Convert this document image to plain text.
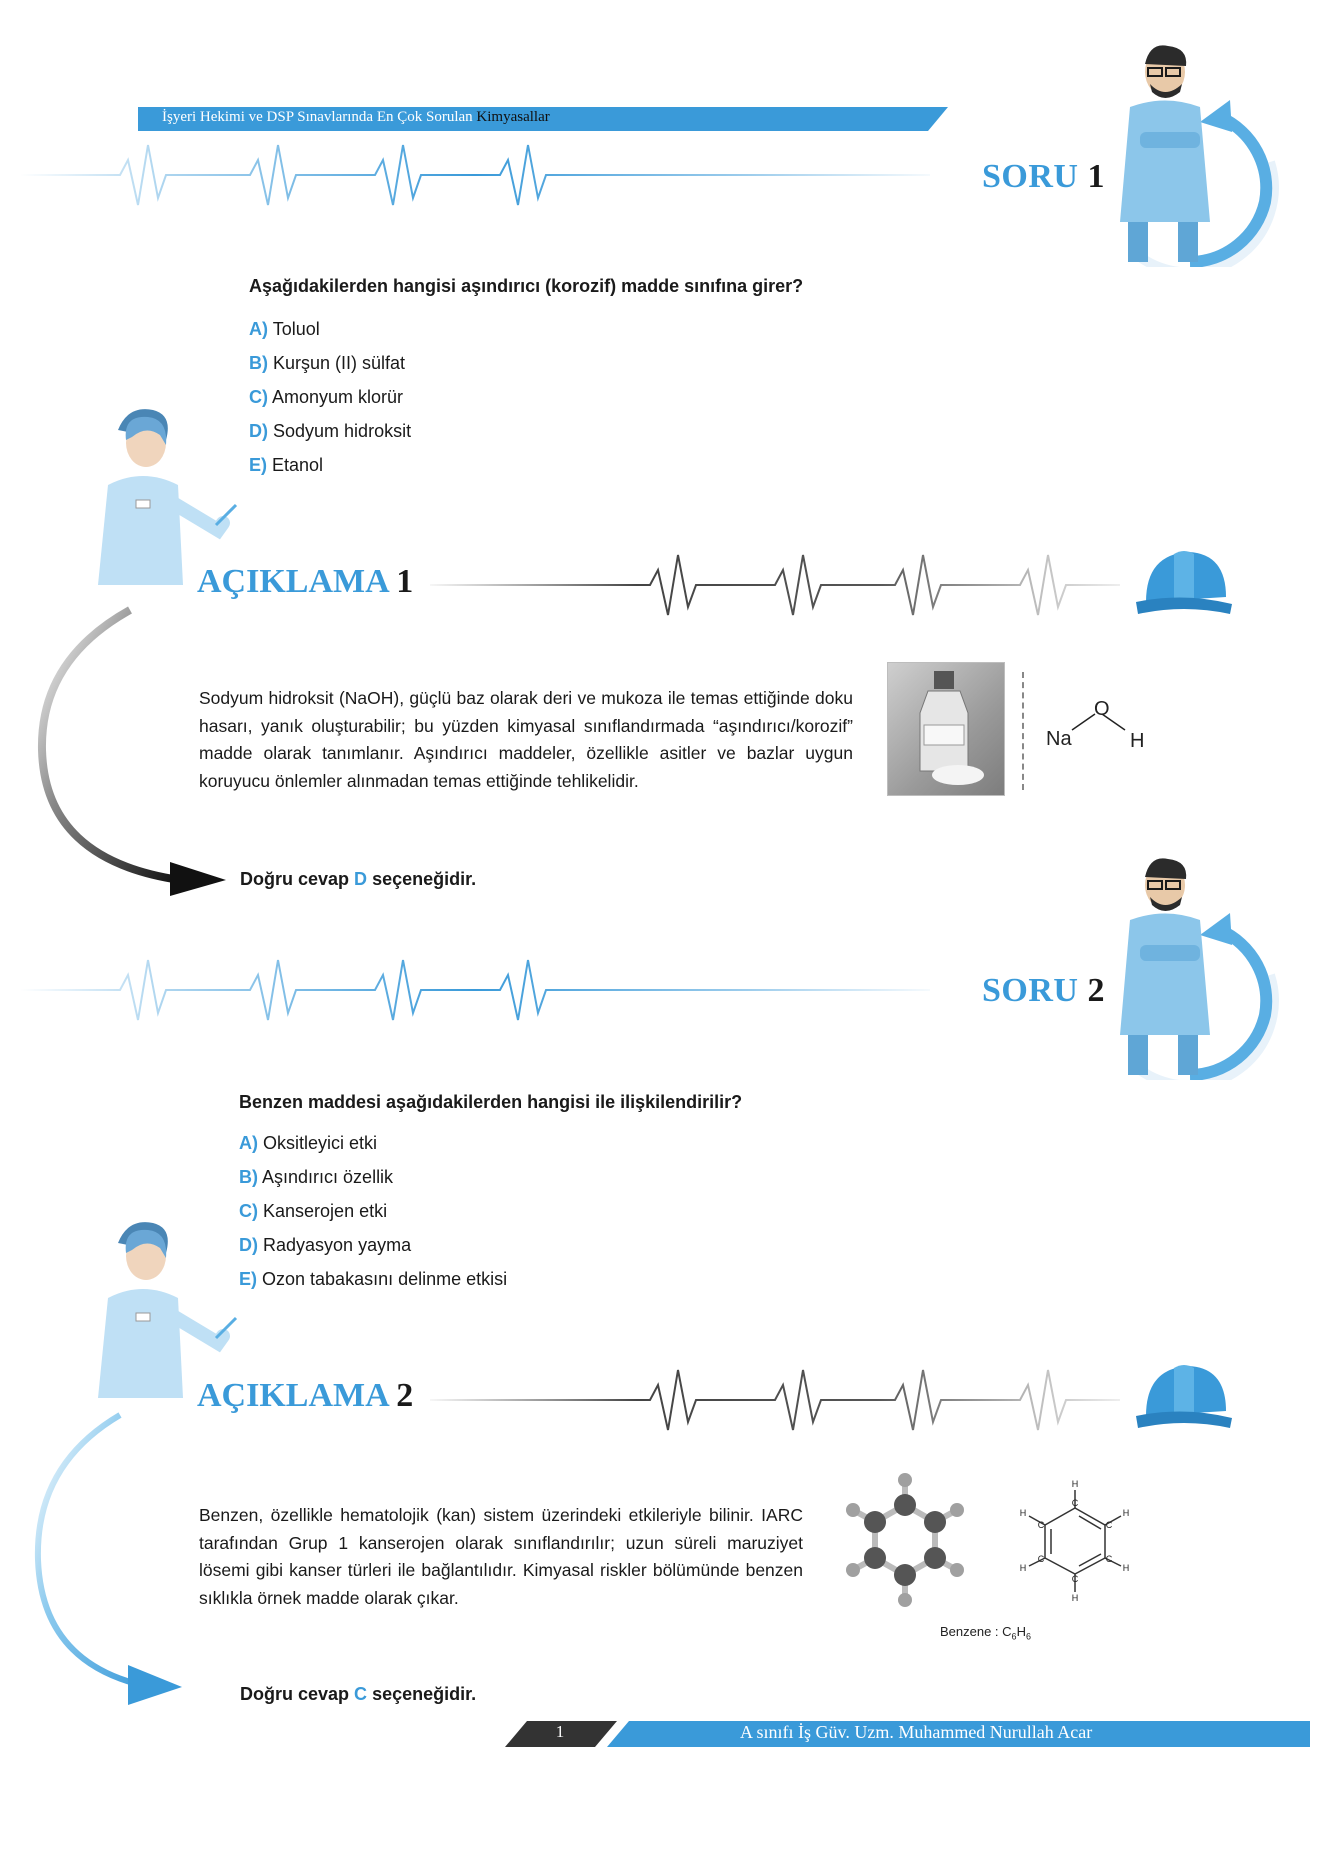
İşyeri Hekimi ve DSP Sınavlarında En Çok Sorulan Kimyasallar
SORU 1
Aşağıdakilerden hangisi aşındırıcı (korozif) madde sınıfına girer?
A) Toluol
B) Kurşun (II) sülfat
C) Amonyum klorür
D) Sodyum hidroksit
E) Etanol
AÇIKLAMA 1
Sodyum hidroksit (NaOH), güçlü baz olarak deri ve mukoza ile temas ettiğinde doku hasarı, yanık oluşturabilir; bu yüzden kimyasal sınıflandırmada “aşındırıcı/korozif” madde olarak tanımlanır. Aşındırıcı maddeler, özellikle asitler ve bazlar uygun koruyucu önlemler alınmadan temas ettiğinde tehlikelidir.
Na
O
H
Doğru cevap D seçeneğidir.
SORU 2
Benzen maddesi aşağıdakilerden hangisi ile ilişkilendirilir?
A) Oksitleyici etki
B) Aşındırıcı özellik
C) Kanserojen etki
D) Radyasyon yayma
E) Ozon tabakasını delinme etkisi
AÇIKLAMA 2
Benzen, özellikle hematolojik (kan) sistem üzerindeki etkileriyle bilinir. IARC tarafından Grup 1 kanserojen olarak sınıflandırılır; uzun süreli maruziyet lösemi gibi kanser türleri ile bağlantılıdır. Kimyasal riskler bölümünde benzen sıklıkla örnek madde olarak çıkar.
C
H
C
H
C
H
C
H
C
H
C
H
Benzene : $C_6H_6$
Doğru cevap C seçeneğidir.
1	A sınıfı İş Güv. Uzm. Muhammed Nurullah Acar
